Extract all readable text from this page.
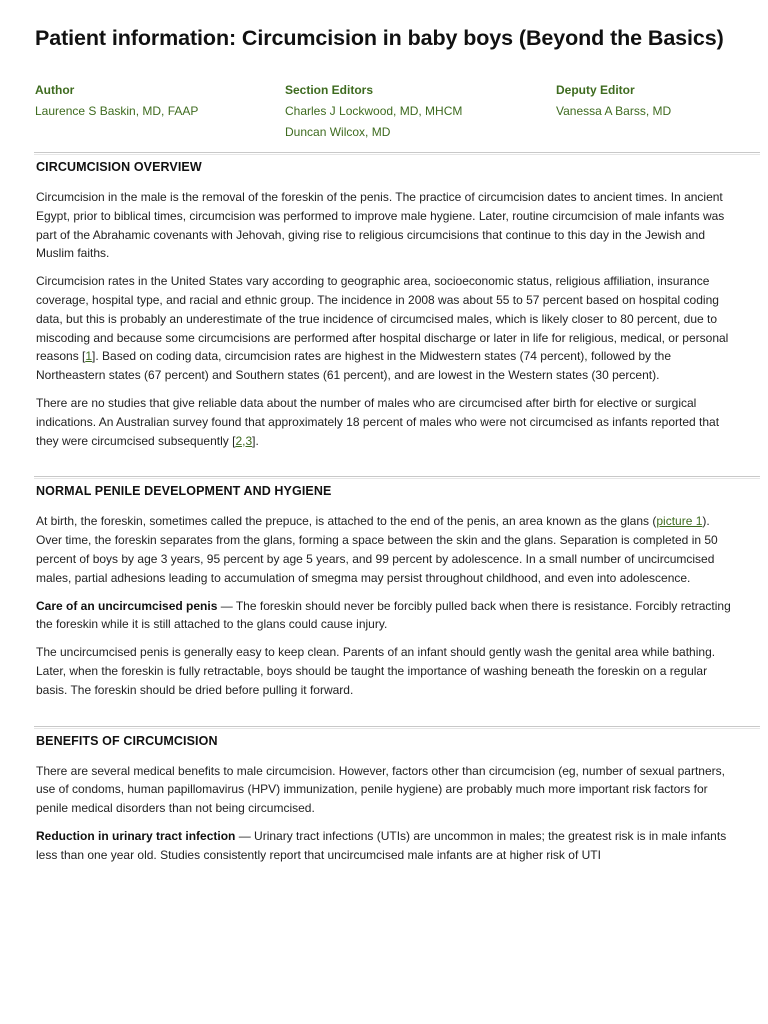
Patient information: Circumcision in baby boys (Beyond the Basics)
Author
Laurence S Baskin, MD, FAAP
Section Editors
Charles J Lockwood, MD, MHCM
Duncan Wilcox, MD
Deputy Editor
Vanessa A Barss, MD
CIRCUMCISION OVERVIEW

Circumcision in the male is the removal of the foreskin of the penis. The practice of circumcision dates to ancient times. In ancient Egypt, prior to biblical times, circumcision was performed to improve male hygiene. Later, routine circumcision of male infants was part of the Abrahamic covenants with Jehovah, giving rise to religious circumcisions that continue to this day in the Jewish and Muslim faiths.

Circumcision rates in the United States vary according to geographic area, socioeconomic status, religious affiliation, insurance coverage, hospital type, and racial and ethnic group. The incidence in 2008 was about 55 to 57 percent based on hospital coding data, but this is probably an underestimate of the true incidence of circumcised males, which is likely closer to 80 percent, due to miscoding and because some circumcisions are performed after hospital discharge or later in life for religious, medical, or personal reasons [1]. Based on coding data, circumcision rates are highest in the Midwestern states (74 percent), followed by the Northeastern states (67 percent) and Southern states (61 percent), and are lowest in the Western states (30 percent).

There are no studies that give reliable data about the number of males who are circumcised after birth for elective or surgical indications. An Australian survey found that approximately 18 percent of males who were not circumcised as infants reported that they were circumcised subsequently [2,3].

NORMAL PENILE DEVELOPMENT AND HYGIENE

At birth, the foreskin, sometimes called the prepuce, is attached to the end of the penis, an area known as the glans (picture 1). Over time, the foreskin separates from the glans, forming a space between the skin and the glans. Separation is completed in 50 percent of boys by age 3 years, 95 percent by age 5 years, and 99 percent by adolescence. In a small number of uncircumcised males, partial adhesions leading to accumulation of smegma may persist throughout childhood, and even into adolescence.

Care of an uncircumcised penis — The foreskin should never be forcibly pulled back when there is resistance. Forcibly retracting the foreskin while it is still attached to the glans could cause injury.

The uncircumcised penis is generally easy to keep clean. Parents of an infant should gently wash the genital area while bathing. Later, when the foreskin is fully retractable, boys should be taught the importance of washing beneath the foreskin on a regular basis. The foreskin should be dried before pulling it forward.

BENEFITS OF CIRCUMCISION

There are several medical benefits to male circumcision. However, factors other than circumcision (eg, number of sexual partners, use of condoms, human papillomavirus (HPV) immunization, penile hygiene) are probably much more important risk factors for penile medical disorders than not being circumcised.

Reduction in urinary tract infection — Urinary tract infections (UTIs) are uncommon in males; the greatest risk is in male infants less than one year old. Studies consistently report that uncircumcised male infants are at higher risk of UTI
